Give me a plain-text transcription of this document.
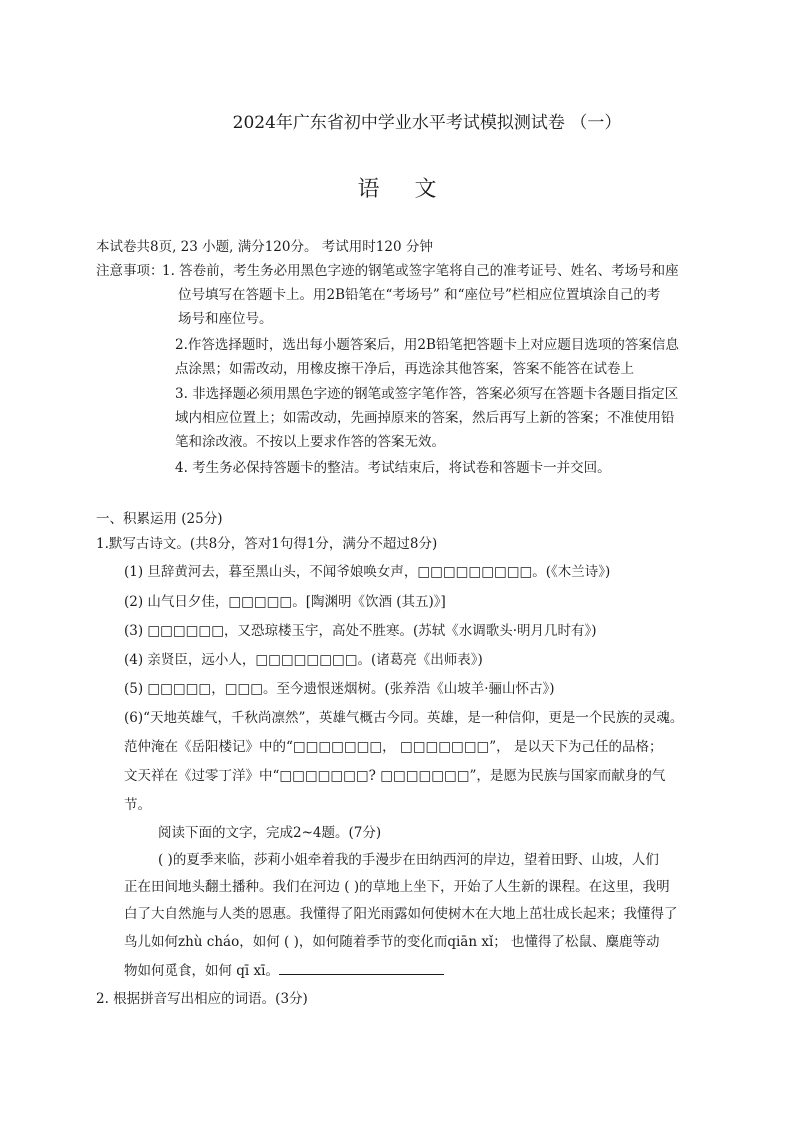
2024年广东省初中学业水平考试模拟测试卷 （一）
语 文
本试卷共8页, 23 小题, 满分120分。 考试用时120 分钟
注意事项：
1. 答卷前，考生务必用黑色字迹的钢笔或签字笔将自己的准考证号、姓名、考场号和座
位号填写在答题卡上。用2B铅笔在“考场号” 和“座位号”栏相应位置填涂自己的考
场号和座位号。
2.作答选择题时，选出每小题答案后，用2B铅笔把答题卡上对应题目选项的答案信息
点涂黑；如需改动，用橡皮擦干净后，再选涂其他答案，答案不能答在试卷上
3. 非选择题必须用黑色字迹的钢笔或签字笔作答，答案必须写在答题卡各题目指定区
域内相应位置上；如需改动，先画掉原来的答案，然后再写上新的答案；不准使用铅
笔和涂改液。不按以上要求作答的答案无效。
4. 考生务必保持答题卡的整洁。考试结束后，将试卷和答题卡一并交回。
一、积累运用 (25分)
1.默写古诗文。(共8分，答对1句得1分，满分不超过8分)
(1) 旦辞黄河去，暮至黑山头，不闻爷娘唤女声，□□□□□□□□□。(《木兰诗》)
(2) 山气日夕佳，□□□□□。[陶渊明《饮酒 (其五)》]
(3) □□□□□□，又恐琼楼玉宇，高处不胜寒。(苏轼《水调歌头·明月几时有》)
(4) 亲贤臣，远小人，□□□□□□□□。(诸葛亮《出师表》)
(5) □□□□□，□□□。至今遗恨迷烟树。(张养浩《山坡羊·骊山怀古》)
(6)“天地英雄气，千秋尚凛然”，英雄气概古今同。英雄，是一种信仰，更是一个民族的灵魂。
范仲淹在《岳阳楼记》中的“□□□□□□□， □□□□□□□”， 是以天下为己任的品格；
文天祥在《过零丁洋》中“□□□□□□□? □□□□□□□”，是愿为民族与国家而献身的气
节。
阅读下面的文字，完成2~4题。(7分)
( )的夏季来临，莎莉小姐牵着我的手漫步在田纳西河的岸边，望着田野、山坡，人们
正在田间地头翻土播种。我们在河边 ( )的草地上坐下，开始了人生新的课程。在这里，我明
白了大自然施与人类的恩惠。我懂得了阳光雨露如何使树木在大地上茁壮成长起来；我懂得了
鸟儿如何zhù cháo，如何 ( )，如何随着季节的变化而qiān xǐ； 也懂得了松鼠、麋鹿等动
物如何觅食，如何 qī xī。
2. 根据拼音写出相应的词语。(3分)
